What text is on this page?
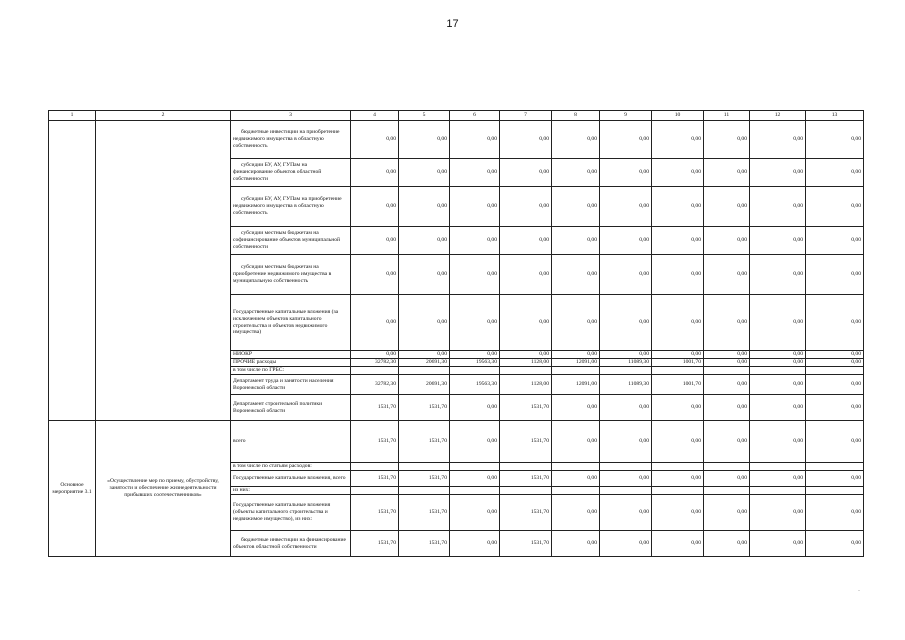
17
1	2	3	4	5	6	7	8	9	10	11	12	13
		бюджетные инвестиции на приобретение недвижимого имущества в областную собственность	0,00	0,00	0,00	0,00	0,00	0,00	0,00	0,00	0,00	0,00
		субсидии БУ, АУ, ГУПам на финансирование объектов областной собственности	0,00	0,00	0,00	0,00	0,00	0,00	0,00	0,00	0,00	0,00
		субсидии БУ, АУ, ГУПам на приобретение недвижимого имущества в областную собственность	0,00	0,00	0,00	0,00	0,00	0,00	0,00	0,00	0,00	0,00
		субсидии местным бюджетам на софинансирование объектов муниципальной собственности	0,00	0,00	0,00	0,00	0,00	0,00	0,00	0,00	0,00	0,00
		субсидии местным бюджетам на приобретение недвижимого имущества в муниципальную собственность	0,00	0,00	0,00	0,00	0,00	0,00	0,00	0,00	0,00	0,00
		Государственные капитальные вложения (за исключением объектов капитального строительства и объектов недвижимого имущества)	0,00	0,00	0,00	0,00	0,00	0,00	0,00	0,00	0,00	0,00
		НИОКР	0,00	0,00	0,00	0,00	0,00	0,00	0,00	0,00	0,00	0,00
		ПРОЧИЕ расходы	32782,30	20691,30	19563,30	1128,00	12091,00	11089,30	1001,70	0,00	0,00	0,00
		в том числе по ГРБС:										
		Департамент труда и занятости населения Воронежской области	32782,30	20691,30	19563,30	1128,00	12091,00	11089,30	1001,70	0,00	0,00	0,00
		Департамент строительной политики Воронежской области	1531,70	1531,70	0,00	1531,70	0,00	0,00	0,00	0,00	0,00	0,00
Основное мероприятие 3.1	«Осуществление мер по приему, обустройству, занятости и обеспечение жизнедеятельности прибывших соотечественников»	всего	1531,70	1531,70	0,00	1531,70	0,00	0,00	0,00	0,00	0,00	0,00
		в том числе по статьям расходов:										
		Государственные капитальные вложения, всего	1531,70	1531,70	0,00	1531,70	0,00	0,00	0,00	0,00	0,00	0,00
		из них:										
		Государственные капитальные вложения (объекты капитального строительства и недвижимое имущество), из них:	1531,70	1531,70	0,00	1531,70	0,00	0,00	0,00	0,00	0,00	0,00
		бюджетные инвестиции на финансирование объектов областной собственности	1531,70	1531,70	0,00	1531,70	0,00	0,00	0,00	0,00	0,00	0,00
·
